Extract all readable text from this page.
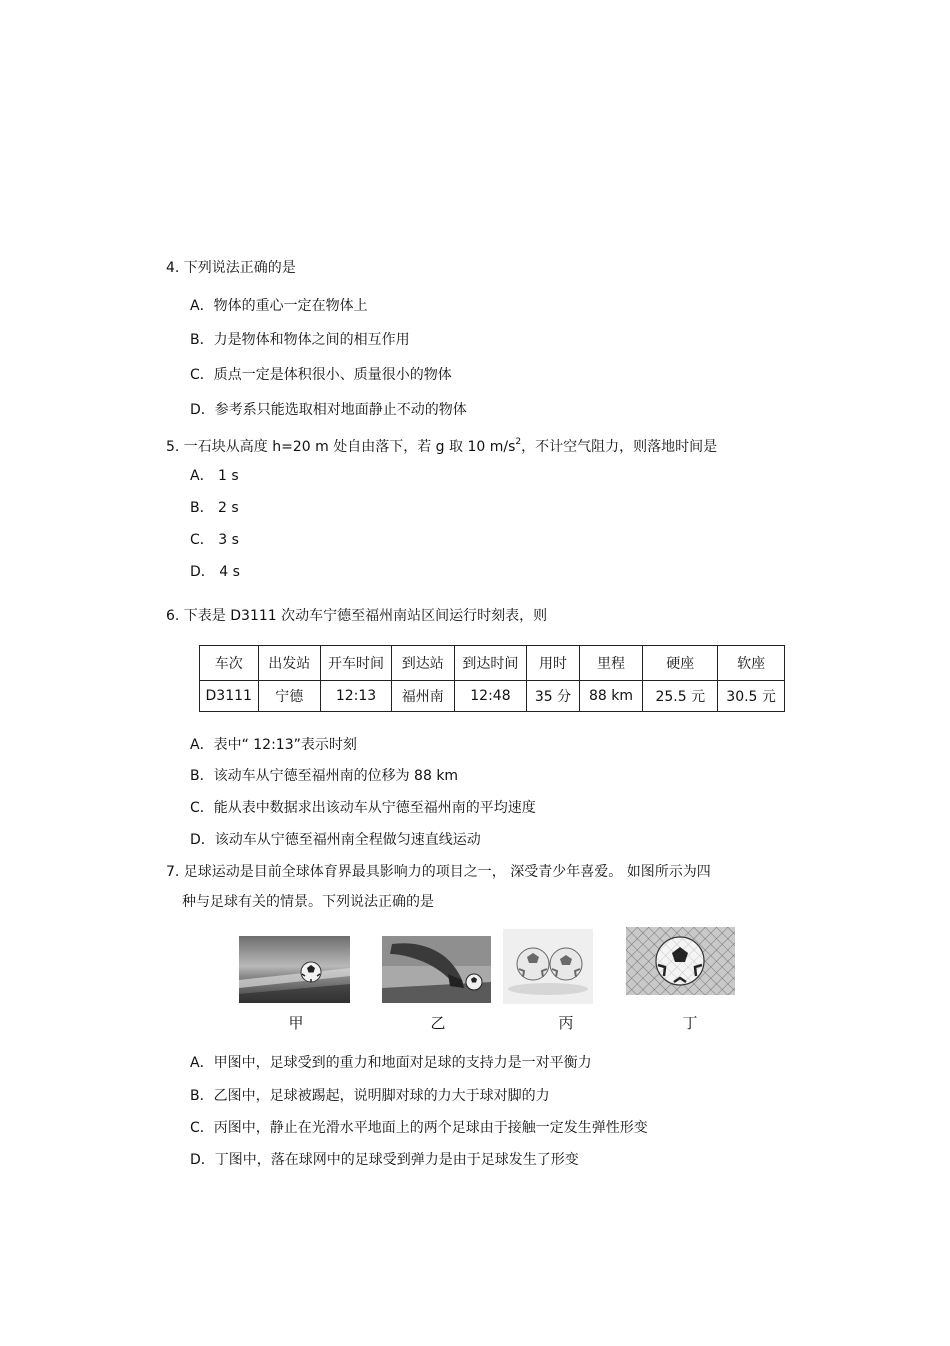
4. 下列说法正确的是
A．物体的重心一定在物体上
B．力是物体和物体之间的相互作用
C．质点一定是体积很小、质量很小的物体
D．参考系只能选取相对地面静止不动的物体
5. 一石块从高度 h=20 m 处自由落下，若 g 取 10 $m/s^2$，不计空气阻力，则落地时间是
A． 1 s
B． 2 s
C． 3 s
D． 4 s
6. 下表是 D3111 次动车宁德至福州南站区间运行时刻表，则
车次	出发站	开车时间	到达站	到达时间	用时	里程	硬座	软座
D3111	宁德	12:13	福州南	12:48	35 分	88 km	25.5 元	30.5 元
A．表中“ 12:13”表示时刻
B．该动车从宁德至福州南的位移为 88 km
C．能从表中数据求出该动车从宁德至福州南的平均速度
D．该动车从宁德至福州南全程做匀速直线运动
7. 足球运动是目前全球体育界最具影响力的项目之一， 深受青少年喜爱。 如图所示为四
种与足球有关的情景。下列说法正确的是
甲	乙	丙	丁
A．甲图中，足球受到的重力和地面对足球的支持力是一对平衡力
B．乙图中，足球被踢起，说明脚对球的力大于球对脚的力
C．丙图中，静止在光滑水平地面上的两个足球由于接触一定发生弹性形变
D．丁图中，落在球网中的足球受到弹力是由于足球发生了形变
